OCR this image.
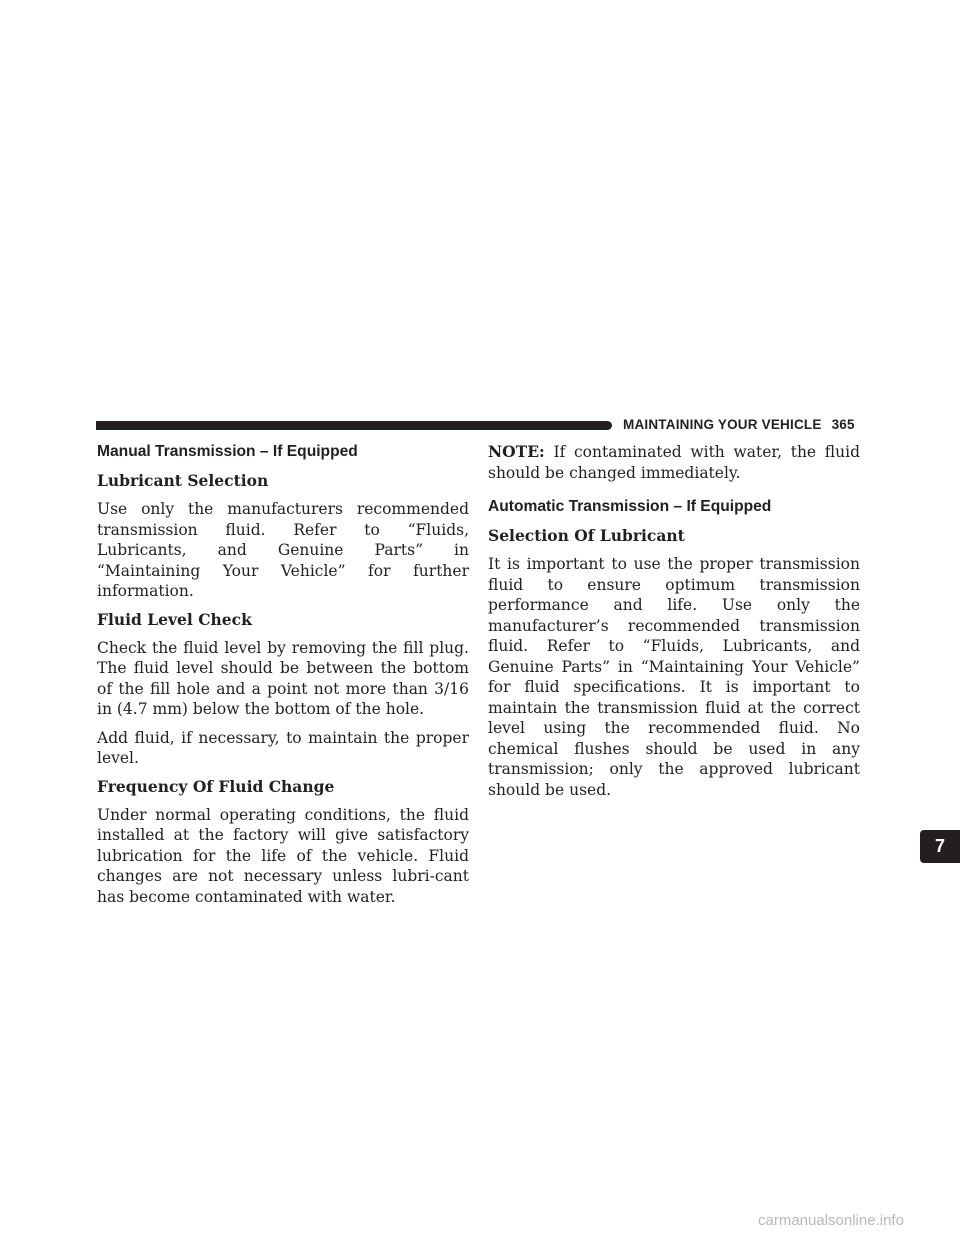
MAINTAINING YOUR VEHICLE 365
Manual Transmission – If Equipped
Lubricant Selection

Use only the manufacturers recommended transmission fluid. Refer to “Fluids, Lubricants, and Genuine Parts” in “Maintaining Your Vehicle” for further information.

Fluid Level Check

Check the fluid level by removing the fill plug. The fluid level should be between the bottom of the fill hole and a point not more than 3/16 in (4.7 mm) below the bottom of the hole.

Add fluid, if necessary, to maintain the proper level.

Frequency Of Fluid Change

Under normal operating conditions, the fluid installed at the factory will give satisfactory lubrication for the life of the vehicle. Fluid changes are not necessary unless lubri-cant has become contaminated with water.

NOTE: If contaminated with water, the fluid should be changed immediately.

Automatic Transmission – If Equipped
Selection Of Lubricant

It is important to use the proper transmission fluid to ensure optimum transmission performance and life. Use only the manufacturer’s recommended transmission fluid. Refer to “Fluids, Lubricants, and Genuine Parts” in “Maintaining Your Vehicle” for fluid specifications. It is important to maintain the transmission fluid at the correct level using the recommended fluid. No chemical flushes should be used in any transmission; only the approved lubricant should be used.

7
carmanualsonline.info
